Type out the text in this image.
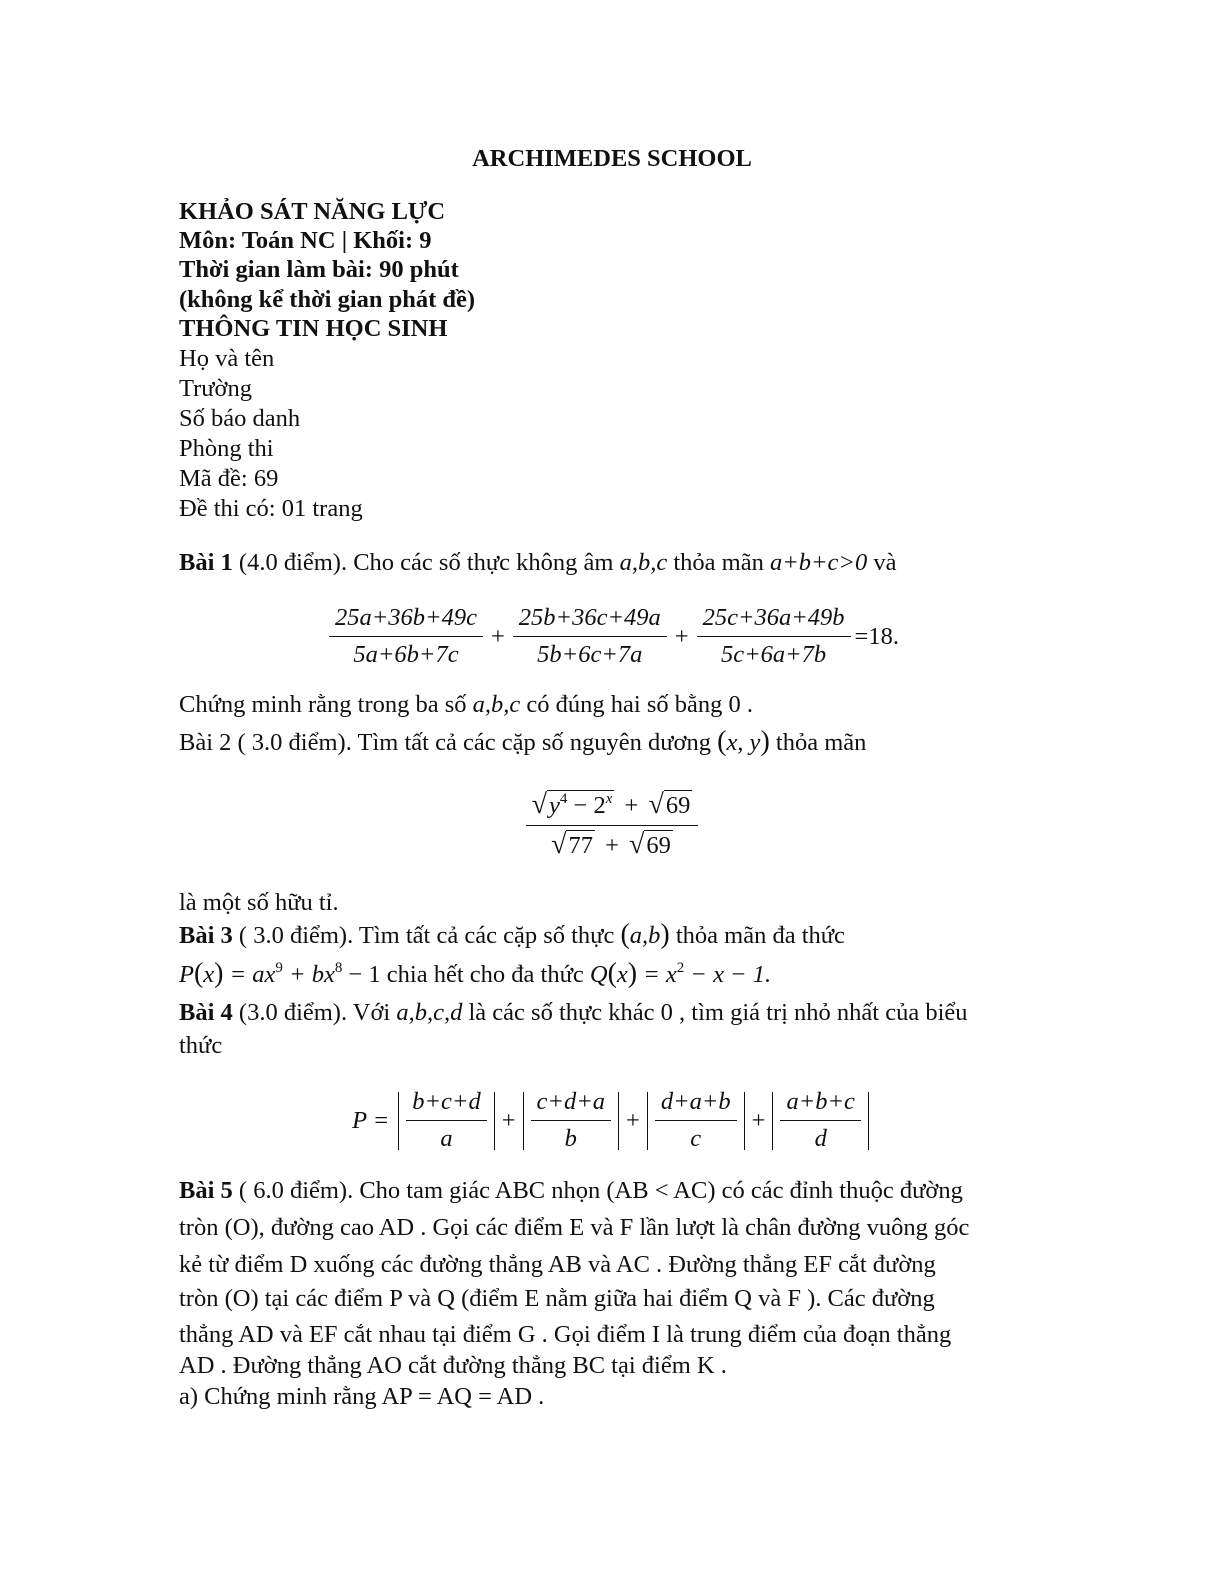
ARCHIMEDES SCHOOL
KHẢO SÁT NĂNG LỰC
Môn: Toán NC | Khối: 9
Thời gian làm bài: 90 phút
(không kể thời gian phát đề)
THÔNG TIN HỌC SINH
Họ và tên
Trường
Số báo danh
Phòng thi
Mã đề: 69
Đề thi có: 01 trang
Bài 1 (4.0 điểm). Cho các số thực không âm a,b,c thỏa mãn a+b+c>0 và
$\frac{25a+36b+49c}{5a+6b+7c} + \frac{25b+36c+49a}{5b+6c+7a} + \frac{25c+36a+49b}{5c+6a+7b} =18$.
Chứng minh rằng trong ba số a,b,c có đúng hai số bằng 0 .
Bài 2 ( 3.0 điểm). Tìm tất cả các cặp số nguyên dương (x, y) thỏa mãn
$\frac{√ y^4 - 2^x + √ 69}{√ 77 + √ 69}$
là một số hữu tỉ.
Bài 3 ( 3.0 điểm). Tìm tất cả các cặp số thực (a,b) thỏa mãn đa thức
$P(x) = ax^9 + bx^8 - 1$ chia hết cho đa thức $Q(x) = x^2 - x - 1$.
Bài 4 (3.0 điểm). Với a,b,c,d là các số thực khác 0 , tìm giá trị nhỏ nhất của biểu
thức
$P = \frac{b+c+d}{a} + \frac{c+d+a}{b} + \frac{d+a+b}{c} + \frac{a+b+c}{d}$
Bài 5 ( 6.0 điểm). Cho tam giác ABC nhọn (AB < AC) có các đỉnh thuộc đường
tròn (O), đường cao AD . Gọi các điểm E và F lần lượt là chân đường vuông góc
kẻ từ điểm D xuống các đường thẳng AB và AC . Đường thẳng EF cắt đường
tròn (O) tại các điểm P và Q (điểm E nằm giữa hai điểm Q và F ). Các đường
thẳng AD và EF cắt nhau tại điểm G . Gọi điểm I là trung điểm của đoạn thẳng
AD . Đường thẳng AO cắt đường thẳng BC tại điểm K .
a) Chứng minh rằng AP = AQ = AD .
